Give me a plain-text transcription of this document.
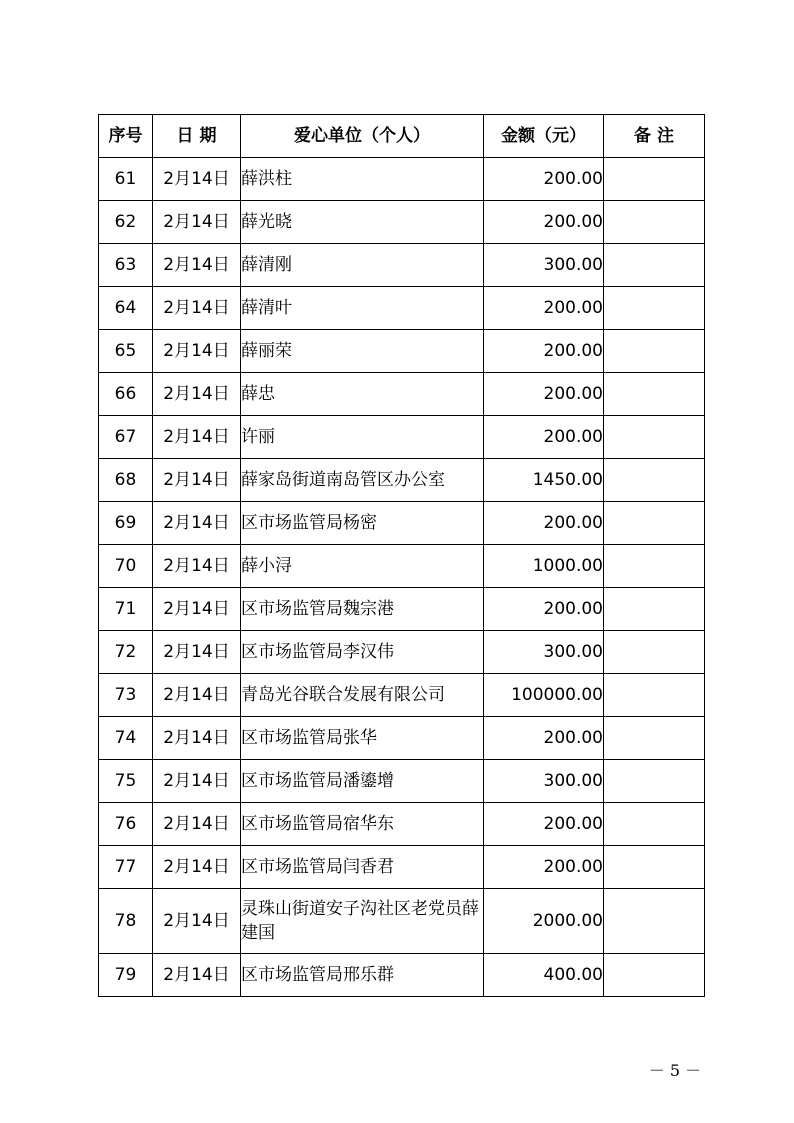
序号	日 期	爱心单位（个人）	金额（元）	备 注
61	2月14日	薛洪柱	200.00	
62	2月14日	薛光晓	200.00	
63	2月14日	薛清刚	300.00	
64	2月14日	薛清叶	200.00	
65	2月14日	薛丽荣	200.00	
66	2月14日	薛忠	200.00	
67	2月14日	许丽	200.00	
68	2月14日	薛家岛街道南岛管区办公室	1450.00	
69	2月14日	区市场监管局杨密	200.00	
70	2月14日	薛小浔	1000.00	
71	2月14日	区市场监管局魏宗港	200.00	
72	2月14日	区市场监管局李汉伟	300.00	
73	2月14日	青岛光谷联合发展有限公司	100000.00	
74	2月14日	区市场监管局张华	200.00	
75	2月14日	区市场监管局潘鎏增	300.00	
76	2月14日	区市场监管局宿华东	200.00	
77	2月14日	区市场监管局闫香君	200.00	
78	2月14日	灵珠山街道安子沟社区老党员薛建国	2000.00	
79	2月14日	区市场监管局邢乐群	400.00	
－ 5 －
